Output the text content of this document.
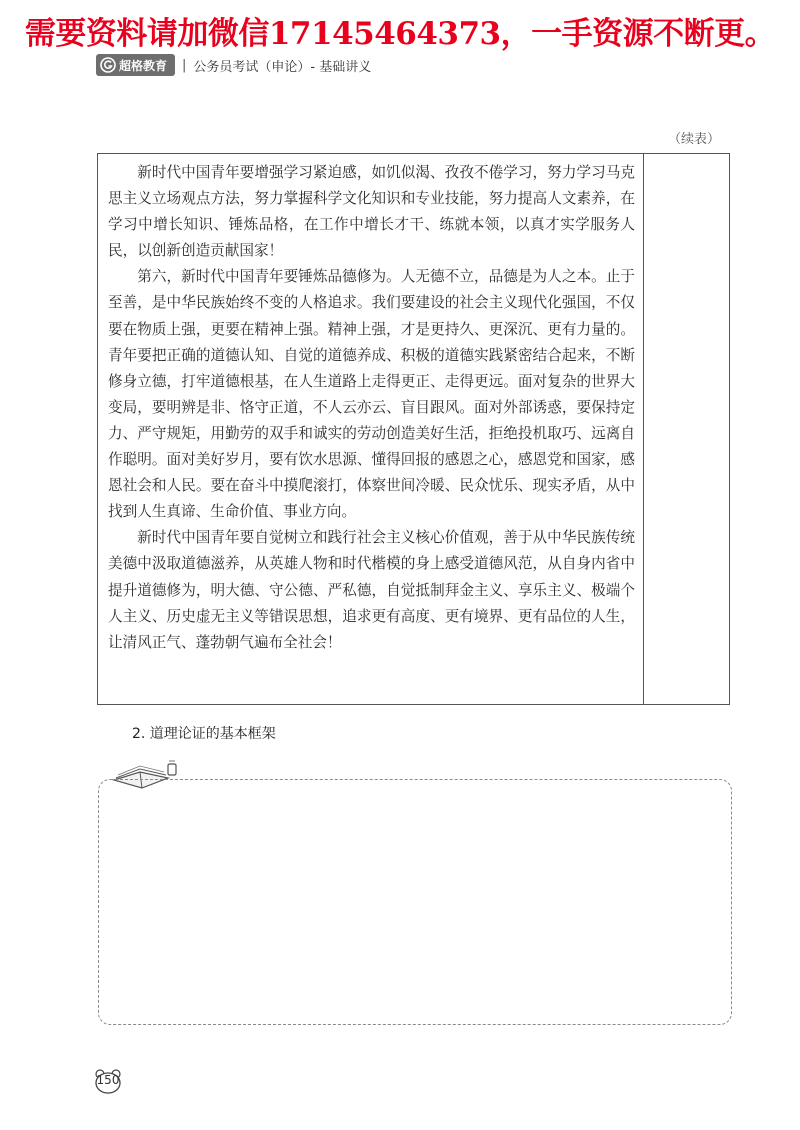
需要资料请加微信17145464373，一手资源不断更。
超格教育 | 公务员考试（申论）- 基础讲义
（续表）

新时代中国青年要增强学习紧迫感，如饥似渴、孜孜不倦学习，努力学习马克思主义立场观点方法，努力掌握科学文化知识和专业技能，努力提高人文素养，在学习中增长知识、锤炼品格，在工作中增长才干、练就本领，以真才实学服务人民，以创新创造贡献国家！

第六，新时代中国青年要锤炼品德修为。人无德不立，品德是为人之本。止于至善，是中华民族始终不变的人格追求。我们要建设的社会主义现代化强国，不仅要在物质上强，更要在精神上强。精神上强，才是更持久、更深沉、更有力量的。青年要把正确的道德认知、自觉的道德养成、积极的道德实践紧密结合起来，不断修身立德，打牢道德根基，在人生道路上走得更正、走得更远。面对复杂的世界大变局，要明辨是非、恪守正道，不人云亦云、盲目跟风。面对外部诱惑，要保持定力、严守规矩，用勤劳的双手和诚实的劳动创造美好生活，拒绝投机取巧、远离自作聪明。面对美好岁月，要有饮水思源、懂得回报的感恩之心，感恩党和国家，感恩社会和人民。要在奋斗中摸爬滚打，体察世间冷暖、民众忧乐、现实矛盾，从中找到人生真谛、生命价值、事业方向。

新时代中国青年要自觉树立和践行社会主义核心价值观，善于从中华民族传统美德中汲取道德滋养，从英雄人物和时代楷模的身上感受道德风范，从自身内省中提升道德修为，明大德、守公德、严私德，自觉抵制拜金主义、享乐主义、极端个人主义、历史虚无主义等错误思想，追求更有高度、更有境界、更有品位的人生，让清风正气、蓬勃朝气遍布全社会！

2. 道理论证的基本框架
150
